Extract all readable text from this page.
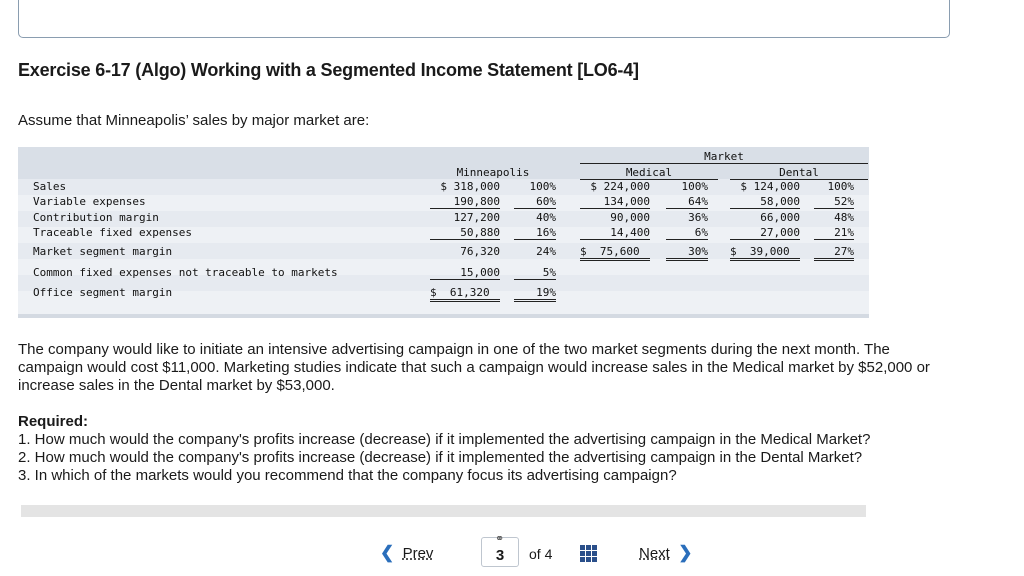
Exercise 6-17 (Algo) Working with a Segmented Income Statement [LO6-4]
Assume that Minneapolis’ sales by major market are:
Market
Minneapolis	Medical	Dental
Sales	$ 318,000	100%	$ 224,000	100%	$ 124,000	100%
Variable expenses	190,800	60%	134,000	64%	58,000	52%
Contribution margin	127,200	40%	90,000	36%	66,000	48%
Traceable fixed expenses	50,880	16%	14,400	6%	27,000	21%
Market segment margin	76,320	24% $  75,600	30% $  39,000	27%
Common fixed expenses not traceable to markets	15,000	5%
Office segment margin	$  61,320	19%
The company would like to initiate an intensive advertising campaign in one of the two market segments during the next month. The campaign would cost $11,000. Marketing studies indicate that such a campaign would increase sales in the Medical market by $52,000 or increase sales in the Dental market by $53,000.
Required:
1. How much would the company's profits increase (decrease) if it implemented the advertising campaign in the Medical Market?
2. How much would the company's profits increase (decrease) if it implemented the advertising campaign in the Dental Market?
3. In which of the markets would you recommend that the company focus its advertising campaign?
❮ Prev
⚭
3	of 4	Next ❯
